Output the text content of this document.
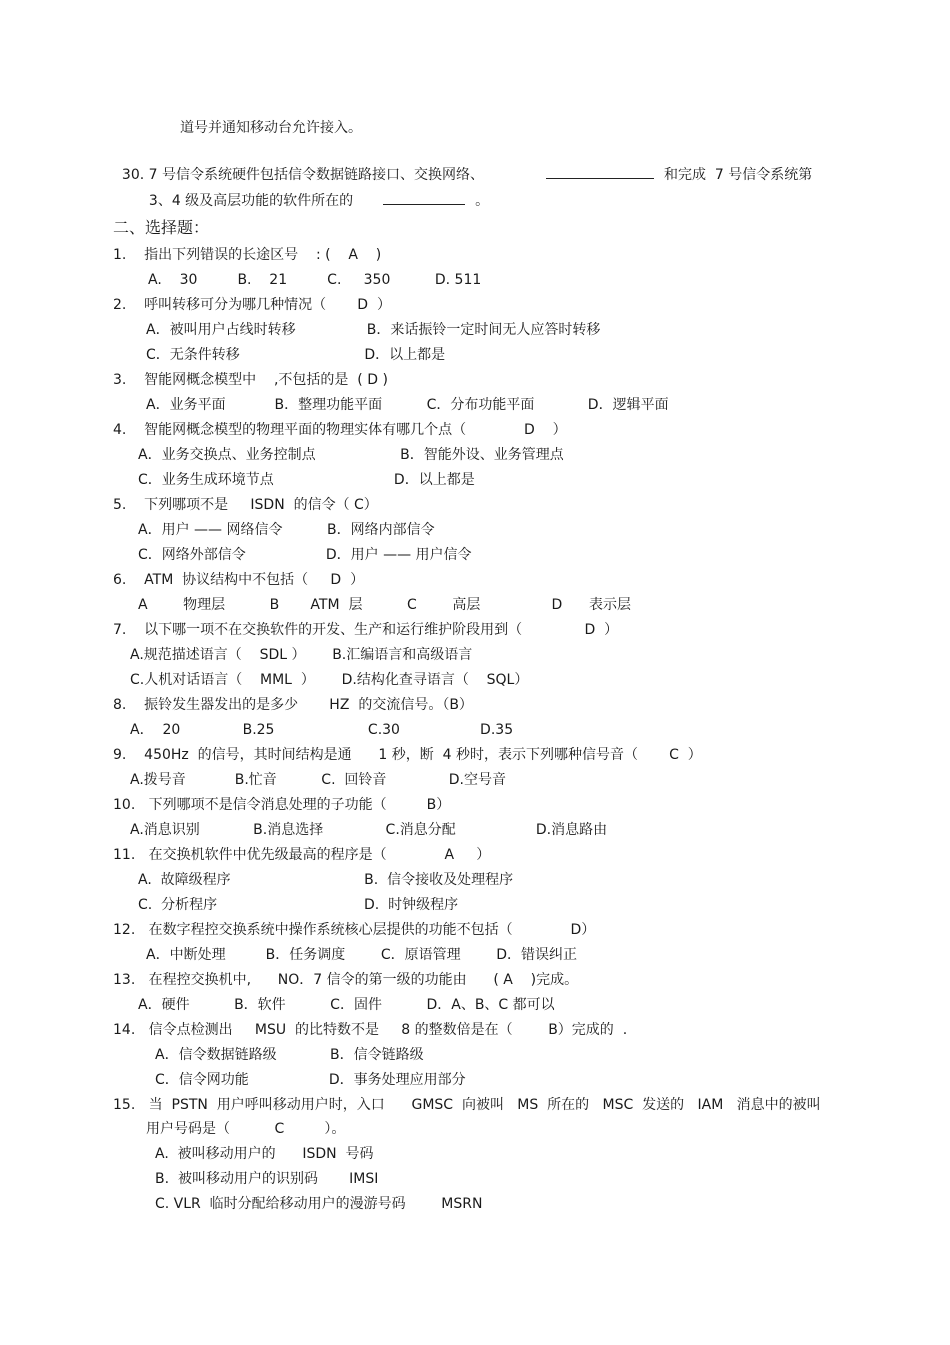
道号并通知移动台允许接入。

30. 7 号信令系统硬件包括信令数据链路接口、交换网络、	和完成  7 号信令系统第

3、4 级及高层功能的软件所在的	。

二、选择题：
1.    指出下列错误的长途区号    : (    A    )
A.    30         B.    21         C.     350          D. 511
2.    呼叫转移可分为哪几种情况（       D  ）
A．被叫用户占线时转移                B．来话振铃一定时间无人应答时转移
C．无条件转移                            D．以上都是
3.    智能网概念模型中    ,不包括的是  ( D )
A．业务平面           B．整理功能平面          C．分布功能平面            D．逻辑平面
4.    智能网概念模型的物理平面的物理实体有哪几个点（             D    ）
A．业务交换点、业务控制点                   B．智能外设、业务管理点
C．业务生成环境节点                           D．以上都是
5.    下列哪项不是     ISDN  的信令（ C）
A．用户 —— 网络信令          B．网络内部信令
C．网络外部信令                  D．用户 —— 用户信令
6.    ATM  协议结构中不包括（     D  ）
A        物理层          B       ATM  层          C        高层                D      表示层
7.    以下哪一项不在交换软件的开发、生产和运行维护阶段用到（              D  ）
A.规范描述语言（    SDL ）      B.汇编语言和高级语言
C.人机对话语言（    MML  ）      D.结构化查寻语言（    SQL）
8.    振铃发生器发出的是多少       HZ  的交流信号。（B）
A．  20              B.25                     C.30                  D.35
9.    450Hz  的信号，其时间结构是通      1 秒，断  4 秒时，表示下列哪种信号音（       C  ）
A.拨号音           B.忙音          C.  回铃音              D.空号音
10.   下列哪项不是信令消息处理的子功能（         B）
A.消息识别            B.消息选择              C.消息分配                  D.消息路由
11.   在交换机软件中优先级最高的程序是（             A     ）
A.  故障级程序                              B.  信令接收及处理程序
C.  分析程序                                 D.  时钟级程序
12.   在数字程控交换系统中操作系统核心层提供的功能不包括（             D）
A．中断处理         B．任务调度        C．原语管理        D．错误纠正
13.   在程控交换机中,      NO．7 信令的第一级的功能由      ( A    )完成。
A．硬件          B．软件          C．固件          D．A、B、C 都可以
14.   信令点检测出     MSU  的比特数不是     8 的整数倍是在（        B）完成的  .
A．信令数据链路级            B．信令链路级
C．信令网功能                  D．事务处理应用部分
15.   当  PSTN  用户呼叫移动用户时，入口      GMSC  向被叫   MS  所在的   MSC  发送的   IAM   消息中的被叫
用户号码是（          C         ）。
A.  被叫移动用户的      ISDN  号码
B.  被叫移动用户的识别码       IMSI
C. VLR  临时分配给移动用户的漫游号码        MSRN
